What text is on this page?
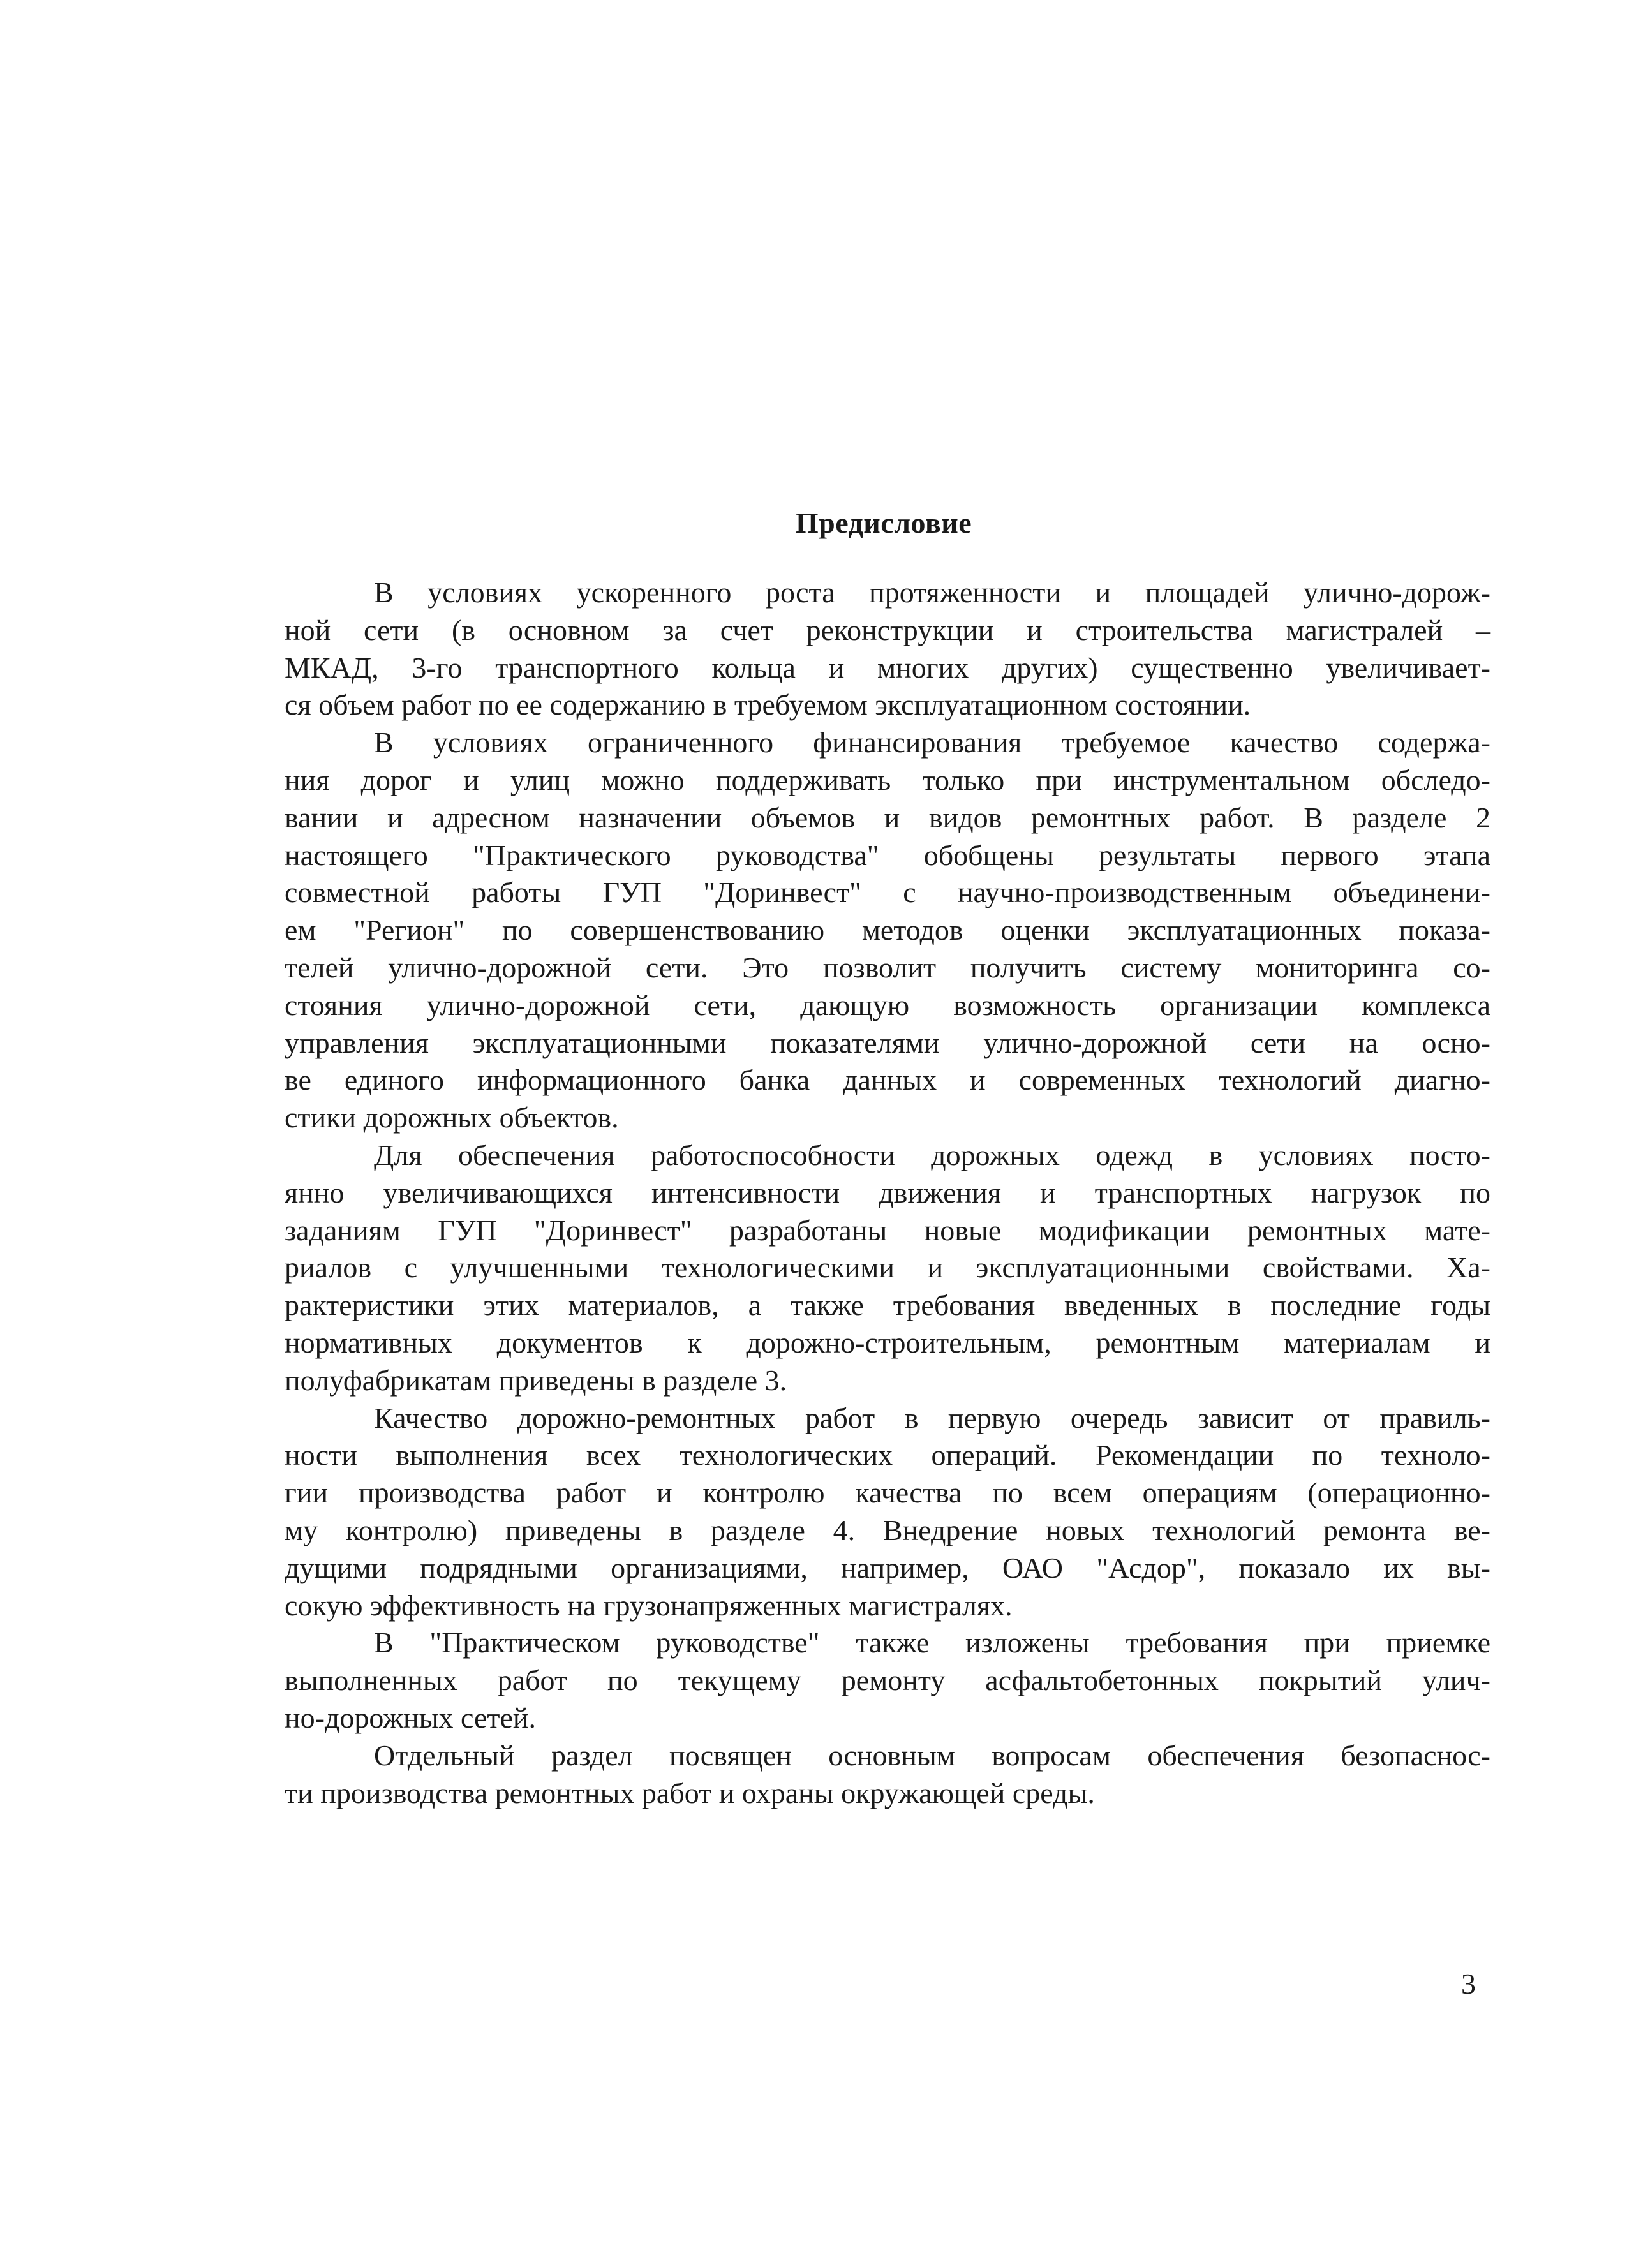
Предисловие

В условиях ускоренного роста протяженности и площадей улично-дорож-
ной сети (в основном за счет реконструкции и строительства магистралей –
МКАД, 3-го транспортного кольца и многих других) существенно увеличивает-
ся объем работ по ее содержанию в требуемом эксплуатационном состоянии.

В условиях ограниченного финансирования требуемое качество содержа-
ния дорог и улиц можно поддерживать только при инструментальном обследо-
вании и адресном назначении объемов и видов ремонтных работ. В разделе 2
настоящего "Практического руководства" обобщены результаты первого этапа
совместной работы ГУП "Доринвест" с научно-производственным объединени-
ем "Регион" по совершенствованию методов оценки эксплуатационных показа-
телей улично-дорожной сети. Это позволит получить систему мониторинга со-
стояния улично-дорожной сети, дающую возможность организации комплекса
управления эксплуатационными показателями улично-дорожной сети на осно-
ве единого информационного банка данных и современных технологий диагно-
стики дорожных объектов.

Для обеспечения работоспособности дорожных одежд в условиях посто-
янно увеличивающихся интенсивности движения и транспортных нагрузок по
заданиям ГУП "Доринвест" разработаны новые модификации ремонтных мате-
риалов с улучшенными технологическими и эксплуатационными свойствами. Ха-
рактеристики этих материалов, а также требования введенных в последние годы
нормативных документов к дорожно-строительным, ремонтным материалам и
полуфабрикатам приведены в разделе 3.

Качество дорожно-ремонтных работ в первую очередь зависит от правиль-
ности выполнения всех технологических операций. Рекомендации по техноло-
гии производства работ и контролю качества по всем операциям (операционно-
му контролю) приведены в разделе 4. Внедрение новых технологий ремонта ве-
дущими подрядными организациями, например, ОАО "Асдор", показало их вы-
сокую эффективность на грузонапряженных магистралях.

В "Практическом руководстве" также изложены требования при приемке
выполненных работ по текущему ремонту асфальтобетонных покрытий улич-
но-дорожных сетей.

Отдельный раздел посвящен основным вопросам обеспечения безопаснос-
ти производства ремонтных работ и охраны окружающей среды.

3
